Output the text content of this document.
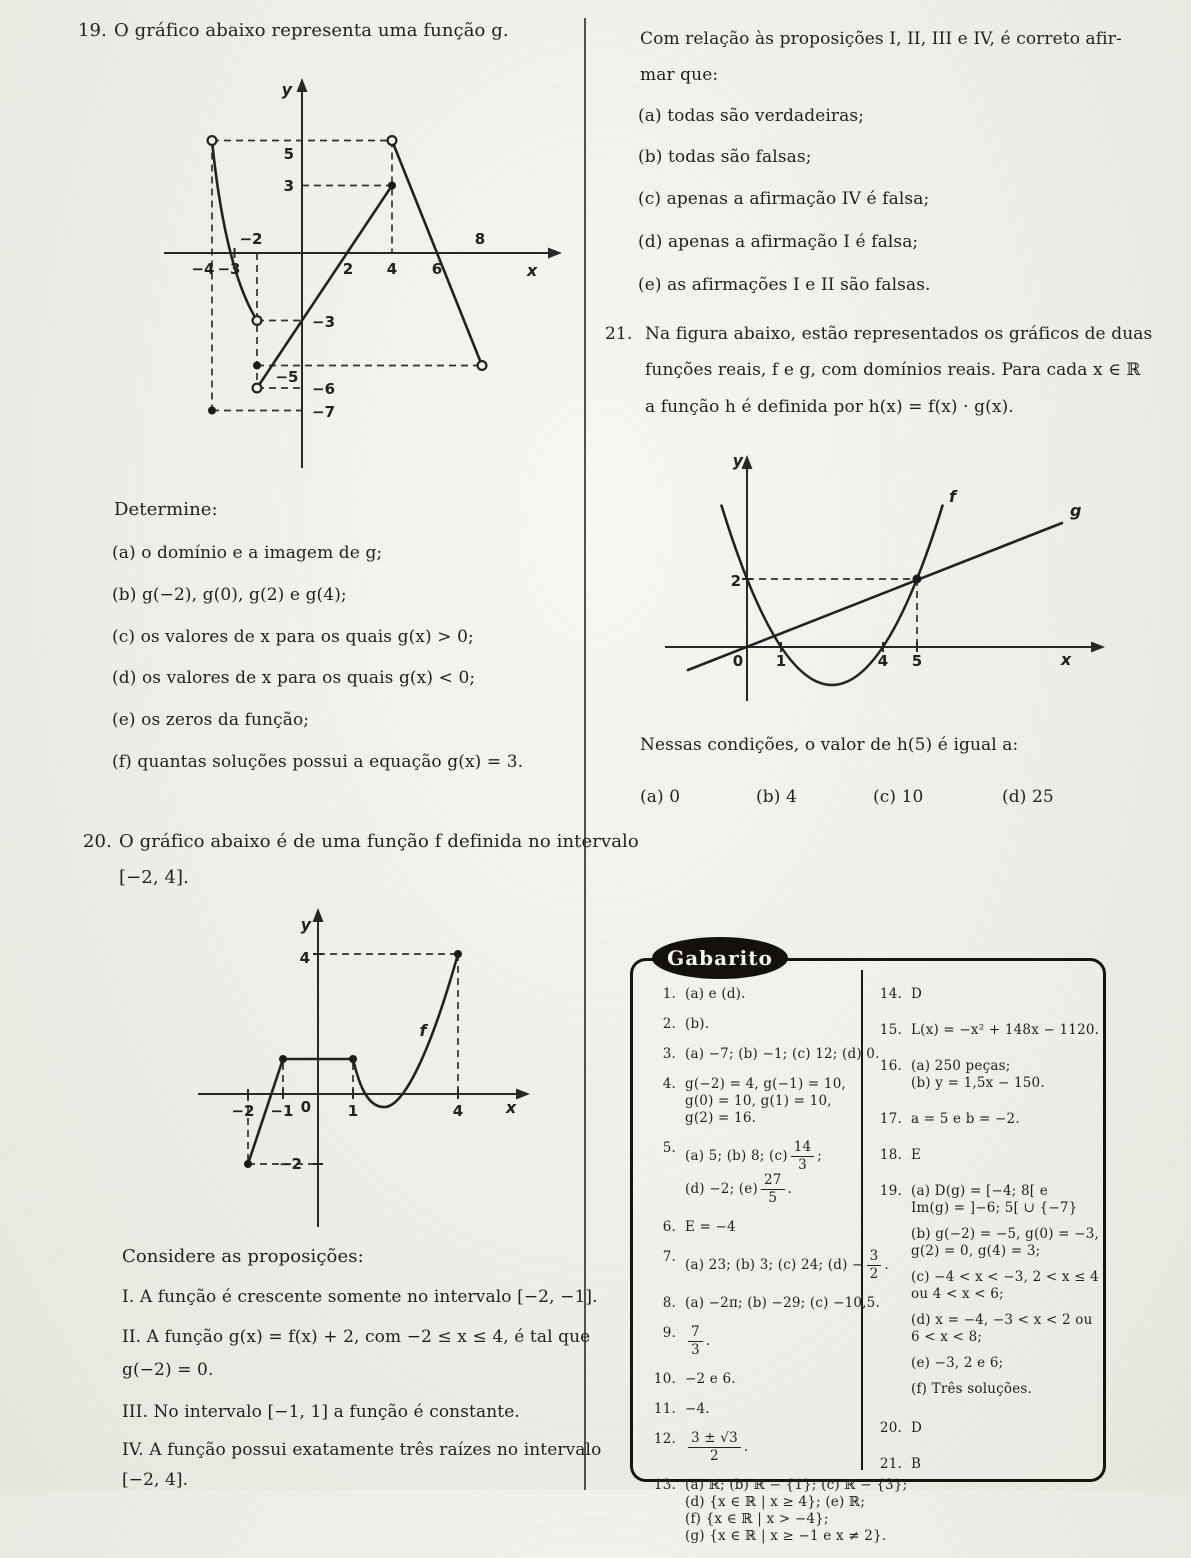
19. O gráfico abaixo representa uma função g.
y
x
5
3
−3
−5
−6
−7
−4 −3
−2
2 4 6
8
Determine:
(a) o domínio e a imagem de g;
(b) g(−2), g(0), g(2) e g(4);
(c) os valores de x para os quais g(x) > 0;
(d) os valores de x para os quais g(x) < 0;
(e) os zeros da função;
(f) quantas soluções possui a equação g(x) = 3.
20. O gráfico abaixo é de uma função f definida no intervalo
[−2, 4].
y
x
f
4
−2
−2 −1 0 1	4
Considere as proposições:
I. A função é crescente somente no intervalo [−2, −1].
II. A função g(x) = f(x) + 2, com −2 ≤ x ≤ 4, é tal que
g(−2) = 0.
III. No intervalo [−1, 1] a função é constante.
IV. A função possui exatamente três raízes no intervalo
[−2, 4].
Com relação às proposições I, II, III e IV, é correto afir-
mar que:
(a) todas são verdadeiras;
(b) todas são falsas;
(c) apenas a afirmação IV é falsa;
(d) apenas a afirmação I é falsa;
(e) as afirmações I e II são falsas.
21. Na figura abaixo, estão representados os gráficos de duas
funções reais, f e g, com domínios reais. Para cada x ∈ ℝ
a função h é definida por h(x) = f(x) · g(x).
y
x
f
g
2
0 1	4 5
Nessas condições, o valor de h(5) é igual a:
(a) 0	(b) 4	(c) 10	(d) 25
Gabarito
1. (a) e (d).
2. (b).
3. (a) −7; (b) −1; (c) 12; (d) 0.
4. g(−2) = 4, g(−1) = 10,
g(0) = 10, g(1) = 10,
g(2) = 16.
5. (a) 5; (b) 8; $(c) \frac{14}{3}$ ;
(d) −2; $(e) \frac{27}{5}$ .
6. E = −4
7. (a) 23; (b) 3; (c) 24; $(d) - \frac{3}{2}$ .
8. (a) −2π; (b) −29; (c) −10,5.
9. $\frac{7}{3}$ .
10. −2 e 6.
11. −4.
12. $\frac{3 \pm √3}{2}$ .
13. (a) ℝ; (b) ℝ − {1}; (c) ℝ − {3};
(d) {x ∈ ℝ | x ≥ 4}; (e) ℝ;
(f) {x ∈ ℝ | x > −4};
(g) {x ∈ ℝ | x ≥ −1 e x ≠ 2}.
14. D
15. L(x) = −x² + 148x − 1120.
16. (a) 250 peças;
(b) y = 1,5x − 150.
17. a = 5 e b = −2.
18. E
19. (a) D(g) = [−4; 8[ e
Im(g) = ]−6; 5[ ∪ {−7}
(b) g(−2) = −5, g(0) = −3,
g(2) = 0, g(4) = 3;
(c) −4 < x < −3, 2 < x ≤ 4
ou 4 < x < 6;
(d) x = −4, −3 < x < 2 ou
6 < x < 8;
(e) −3, 2 e 6;
(f) Três soluções.
20. D
21. B
